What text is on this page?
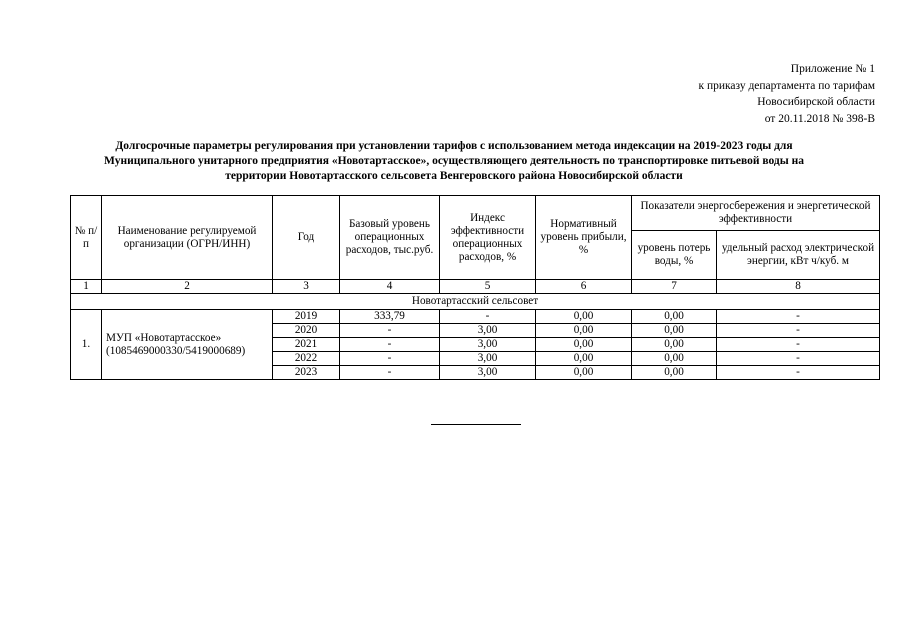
Приложение № 1
к приказу департамента по тарифам
Новосибирской области
от 20.11.2018 № 398-В
Долгосрочные параметры регулирования при установлении тарифов с использованием метода индексации на 2019-2023 годы для
Муниципального унитарного предприятия «Новотартасское», осуществляющего деятельность по транспортировке питьевой воды на
территории Новотартасского сельсовета Венгеровского района Новосибирской области
№ п/п	Наименование регулируемой организации (ОГРН/ИНН)	Год	Базовый уровень операционных расходов, тыс.руб.	Индекс эффективности операционных расходов, %	Нормативный уровень прибыли, %	Показатели энергосбережения и энергетической эффективности	
						уровень потерь воды, %	удельный расход электрической энергии, кВт ч/куб. м
1	2	3	4	5	6	7	8
Новотартасский сельсовет							
1.	МУП «Новотартасское» (1085469000330/5419000689)	2019	333,79	-	0,00	0,00	-
		2020	-	3,00	0,00	0,00	-
		2021	-	3,00	0,00	0,00	-
		2022	-	3,00	0,00	0,00	-
		2023	-	3,00	0,00	0,00	-
